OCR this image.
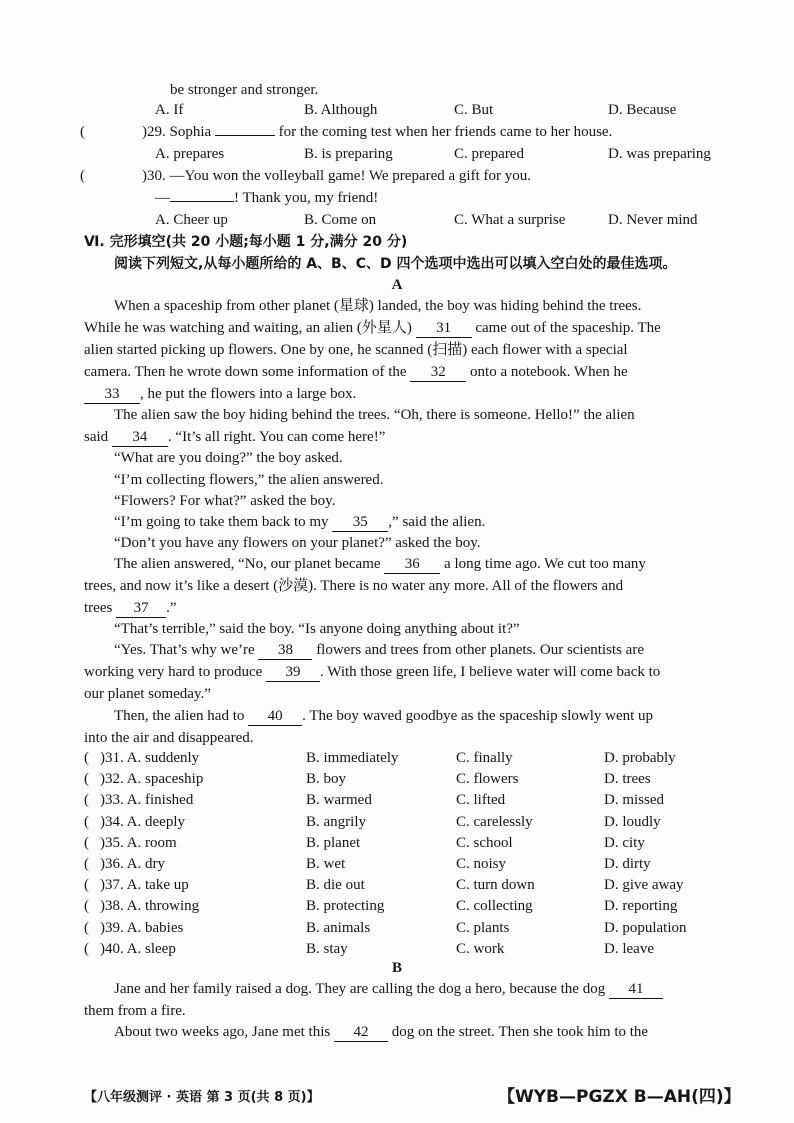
be stronger and stronger.
A. If	B. Although	C. But	D. Because
(	)29. Sophia	for the coming test when her friends came to her house.
A. prepares	B. is preparing	C. prepared	D. was preparing
(	)30. —You won the volleyball game! We prepared a gift for you.
—	! Thank you, my friend!
A. Cheer up	B. Come on	C. What a surprise	D. Never mind
Ⅵ. 完形填空(共 20 小题;每小题 1 分,满分 20 分)
阅读下列短文,从每小题所给的 A、B、C、D 四个选项中选出可以填入空白处的最佳选项。
A
When a spaceship from other planet (星球) landed, the boy was hiding behind the trees.
While he was watching and waiting, an alien (外星人) 31 came out of the spaceship. The
alien started picking up flowers. One by one, he scanned (扫描) each flower with a special
camera. Then he wrote down some information of the 32 onto a notebook. When he
33 , he put the flowers into a large box.
The alien saw the boy hiding behind the trees. “Oh, there is someone. Hello!” the alien
said 34 . “It’s all right. You can come here!”
“What are you doing?” the boy asked.
“I’m collecting flowers,” the alien answered.
“Flowers? For what?” asked the boy.
“I’m going to take them back to my 35 ,” said the alien.
“Don’t you have any flowers on your planet?” asked the boy.
The alien answered, “No, our planet became 36 a long time ago. We cut too many
trees, and now it’s like a desert (沙漠). There is no water any more. All of the flowers and
trees 37 .”
“That’s terrible,” said the boy. “Is anyone doing anything about it?”
“Yes. That’s why we’re 38 flowers and trees from other planets. Our scientists are
working very hard to produce 39 . With those green life, I believe water will come back to
our planet someday.”
Then, the alien had to 40 . The boy waved goodbye as the spaceship slowly went up
into the air and disappeared.
( )31. A. suddenly	B. immediately	C. finally	D. probably
( )32. A. spaceship	B. boy	C. flowers	D. trees
( )33. A. finished	B. warmed	C. lifted	D. missed
( )34. A. deeply	B. angrily	C. carelessly	D. loudly
( )35. A. room	B. planet	C. school	D. city
( )36. A. dry	B. wet	C. noisy	D. dirty
( )37. A. take up	B. die out	C. turn down	D. give away
( )38. A. throwing	B. protecting	C. collecting	D. reporting
( )39. A. babies	B. animals	C. plants	D. population
( )40. A. sleep	B. stay	C. work	D. leave
B
Jane and her family raised a dog. They are calling the dog a hero, because the dog 41
them from a fire.
About two weeks ago, Jane met this 42 dog on the street. Then she took him to the
【八年级测评 · 英语 第 3 页(共 8 页)】	【WYB—PGZX B—AH(四)】
